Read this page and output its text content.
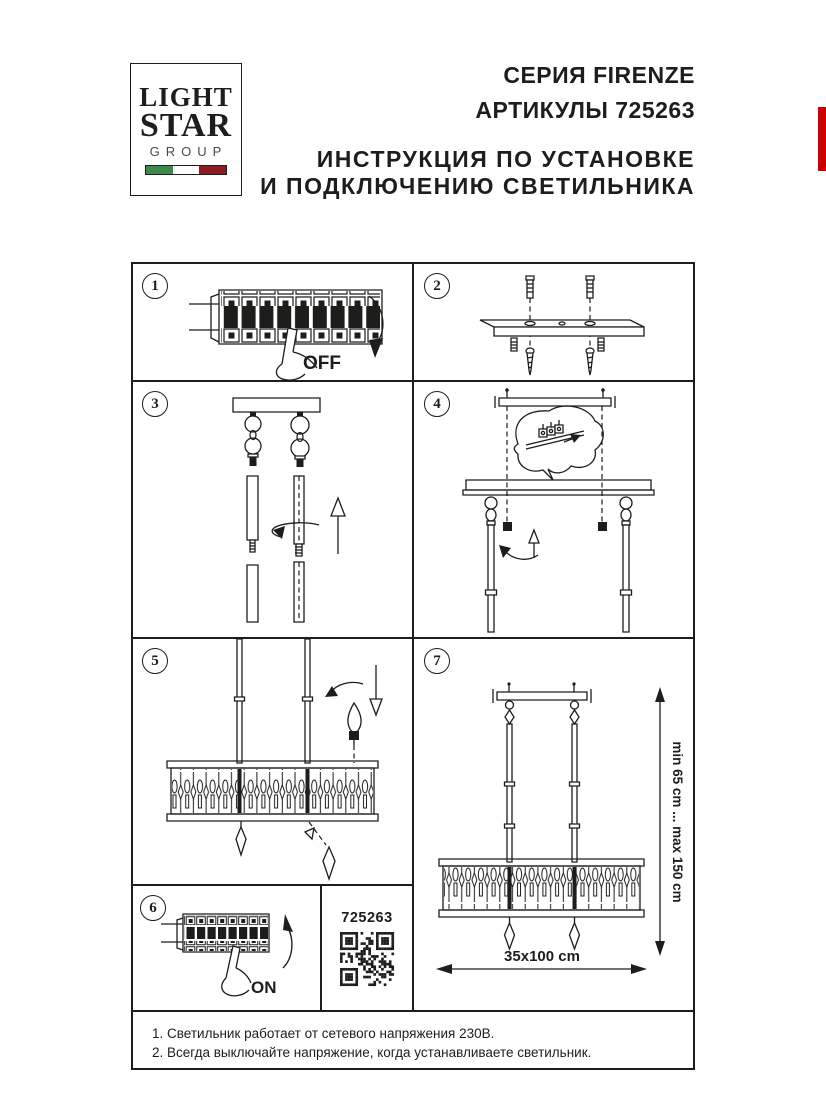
LIGHT
STAR
GROUP
СЕРИЯ FIRENZE
АРТИКУЛЫ 725263
ИНСТРУКЦИЯ ПО УСТАНОВКЕ
И ПОДКЛЮЧЕНИЮ СВЕТИЛЬНИКА
1	2
3	4
5	7
6
OFF
min 65 cm ... max 150 cm
35x100 cm
ON
725263
1. Светильник работает от сетевого напряжения 230В.
2. Всегда выключайте напряжение, когда устанавливаете светильник.
